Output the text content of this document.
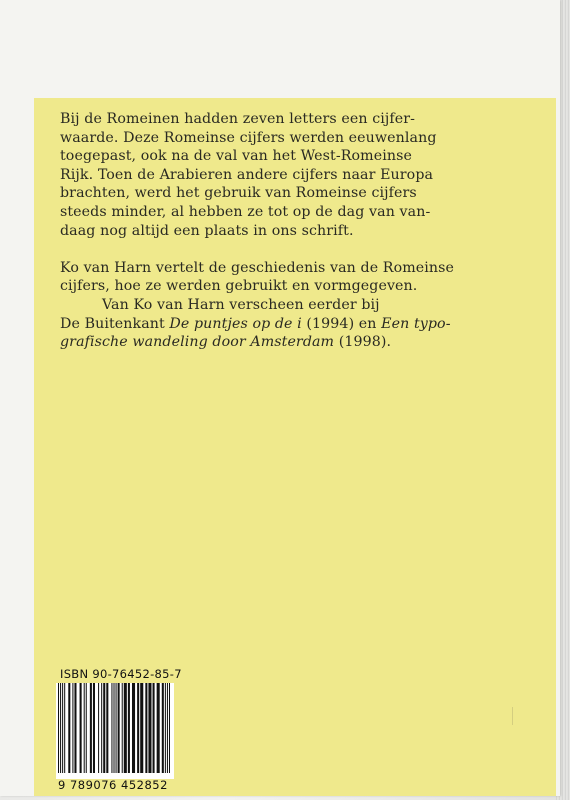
Bij de Romeinen hadden zeven letters een cijfer-

waarde. Deze Romeinse cijfers werden eeuwenlang

toegepast, ook na de val van het West-Romeinse

Rijk. Toen de Arabieren andere cijfers naar Europa

brachten, werd het gebruik van Romeinse cijfers

steeds minder, al hebben ze tot op de dag van van-

daag nog altijd een plaats in ons schrift.

Ko van Harn vertelt de geschiedenis van de Romeinse

cijfers, hoe ze werden gebruikt en vormgegeven.

Van Ko van Harn verscheen eerder bij

De Buitenkant De puntjes op de i (1994) en Een typo-

grafische wandeling door Amsterdam (1998).

ISBN 90-76452-85-7
9 789076 452852
